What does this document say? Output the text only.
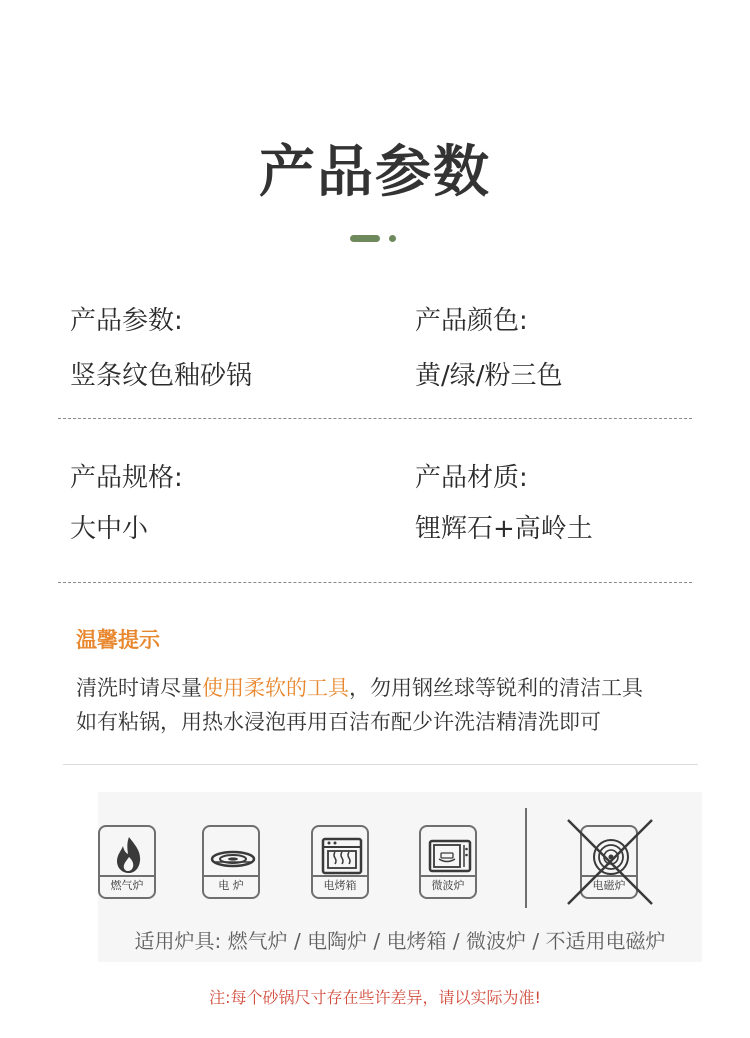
产品参数
产品参数:
竖条纹色釉砂锅
产品颜色:
黄/绿/粉三色
产品规格:
大中小
产品材质:
锂辉石+高岭土
温馨提示
清洗时请尽量使用柔软的工具，勿用钢丝球等锐利的清洁工具
如有粘锅，用热水浸泡再用百洁布配少许洗洁精清洗即可
燃气炉	电 炉	电烤箱	微波炉	电磁炉
适用炉具: 燃气炉 / 电陶炉 / 电烤箱 / 微波炉 / 不适用电磁炉
注:每个砂锅尺寸存在些许差异，请以实际为准!
